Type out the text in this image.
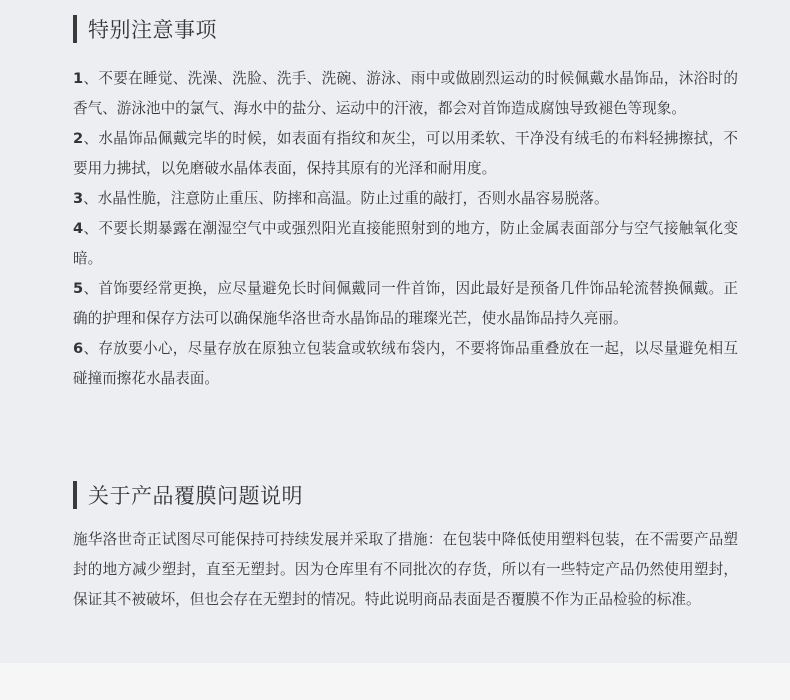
特别注意事项
1、不要在睡觉、洗澡、洗脸、洗手、洗碗、游泳、雨中或做剧烈运动的时候佩戴水晶饰品，沐浴时的香气、游泳池中的氯气、海水中的盐分、运动中的汗液，都会对首饰造成腐蚀导致褪色等现象。
2、水晶饰品佩戴完毕的时候，如表面有指纹和灰尘，可以用柔软、干净没有绒毛的布料轻拂擦拭，不要用力拂拭，以免磨破水晶体表面，保持其原有的光泽和耐用度。
3、水晶性脆，注意防止重压、防摔和高温。防止过重的敲打，否则水晶容易脱落。
4、不要长期暴露在潮湿空气中或强烈阳光直接能照射到的地方，防止金属表面部分与空气接触氧化变暗。
5、首饰要经常更换，应尽量避免长时间佩戴同一件首饰，因此最好是预备几件饰品轮流替换佩戴。正确的护理和保存方法可以确保施华洛世奇水晶饰品的璀璨光芒，使水晶饰品持久亮丽。
6、存放要小心，尽量存放在原独立包装盒或软绒布袋内，不要将饰品重叠放在一起，以尽量避免相互碰撞而擦花水晶表面。
关于产品覆膜问题说明

施华洛世奇正试图尽可能保持可持续发展并采取了措施：在包装中降低使用塑料包装，在不需要产品塑封的地方减少塑封，直至无塑封。因为仓库里有不同批次的存货，所以有一些特定产品仍然使用塑封，保证其不被破坏，但也会存在无塑封的情况。特此说明商品表面是否覆膜不作为正品检验的标准。
